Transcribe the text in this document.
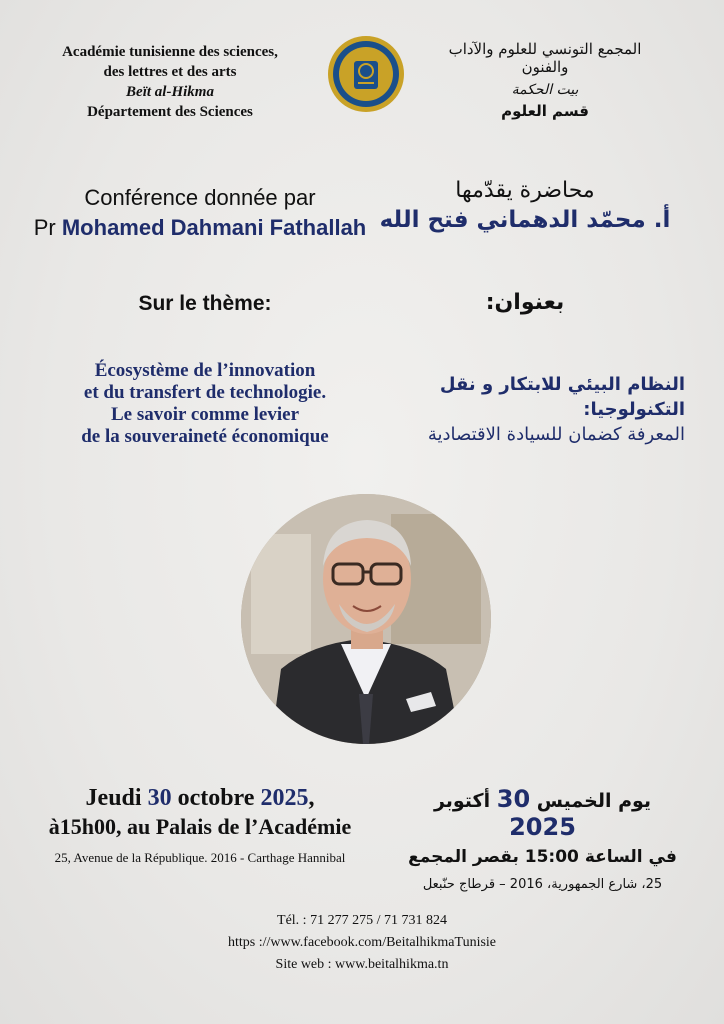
Académie tunisienne des sciences,
des lettres et des arts
Beït al-Hikma
Département des Sciences
المجمع التونسي للعلوم والآداب والفنون
بيت الحكمة
قسم العلوم
Conférence donnée par
Pr Mohamed Dahmani Fathallah
محاضرة يقدّمها
أ. محمّد الدهماني فتح الله
Sur le thème:	بعنوان:
Écosystème de l’innovation
et du transfert de technologie.
Le savoir comme levier
de la souveraineté économique
النظام البيئي للابتكار و نقل
التكنولوجيا:
المعرفة كضمان للسيادة الاقتصادية
Jeudi 30 octobre 2025,
à15h00, au Palais de l’Académie
25, Avenue de la République. 2016 - Carthage Hannibal
يوم الخميس 30 أكتوبر 2025
في الساعة 15:00 بقصر المجمع
25، شارع الجمهورية، 2016 – قرطاج حنّبعل
Tél. : 71 277 275 / 71 731 824
https ://www.facebook.com/BeitalhikmaTunisie
Site web : www.beitalhikma.tn
